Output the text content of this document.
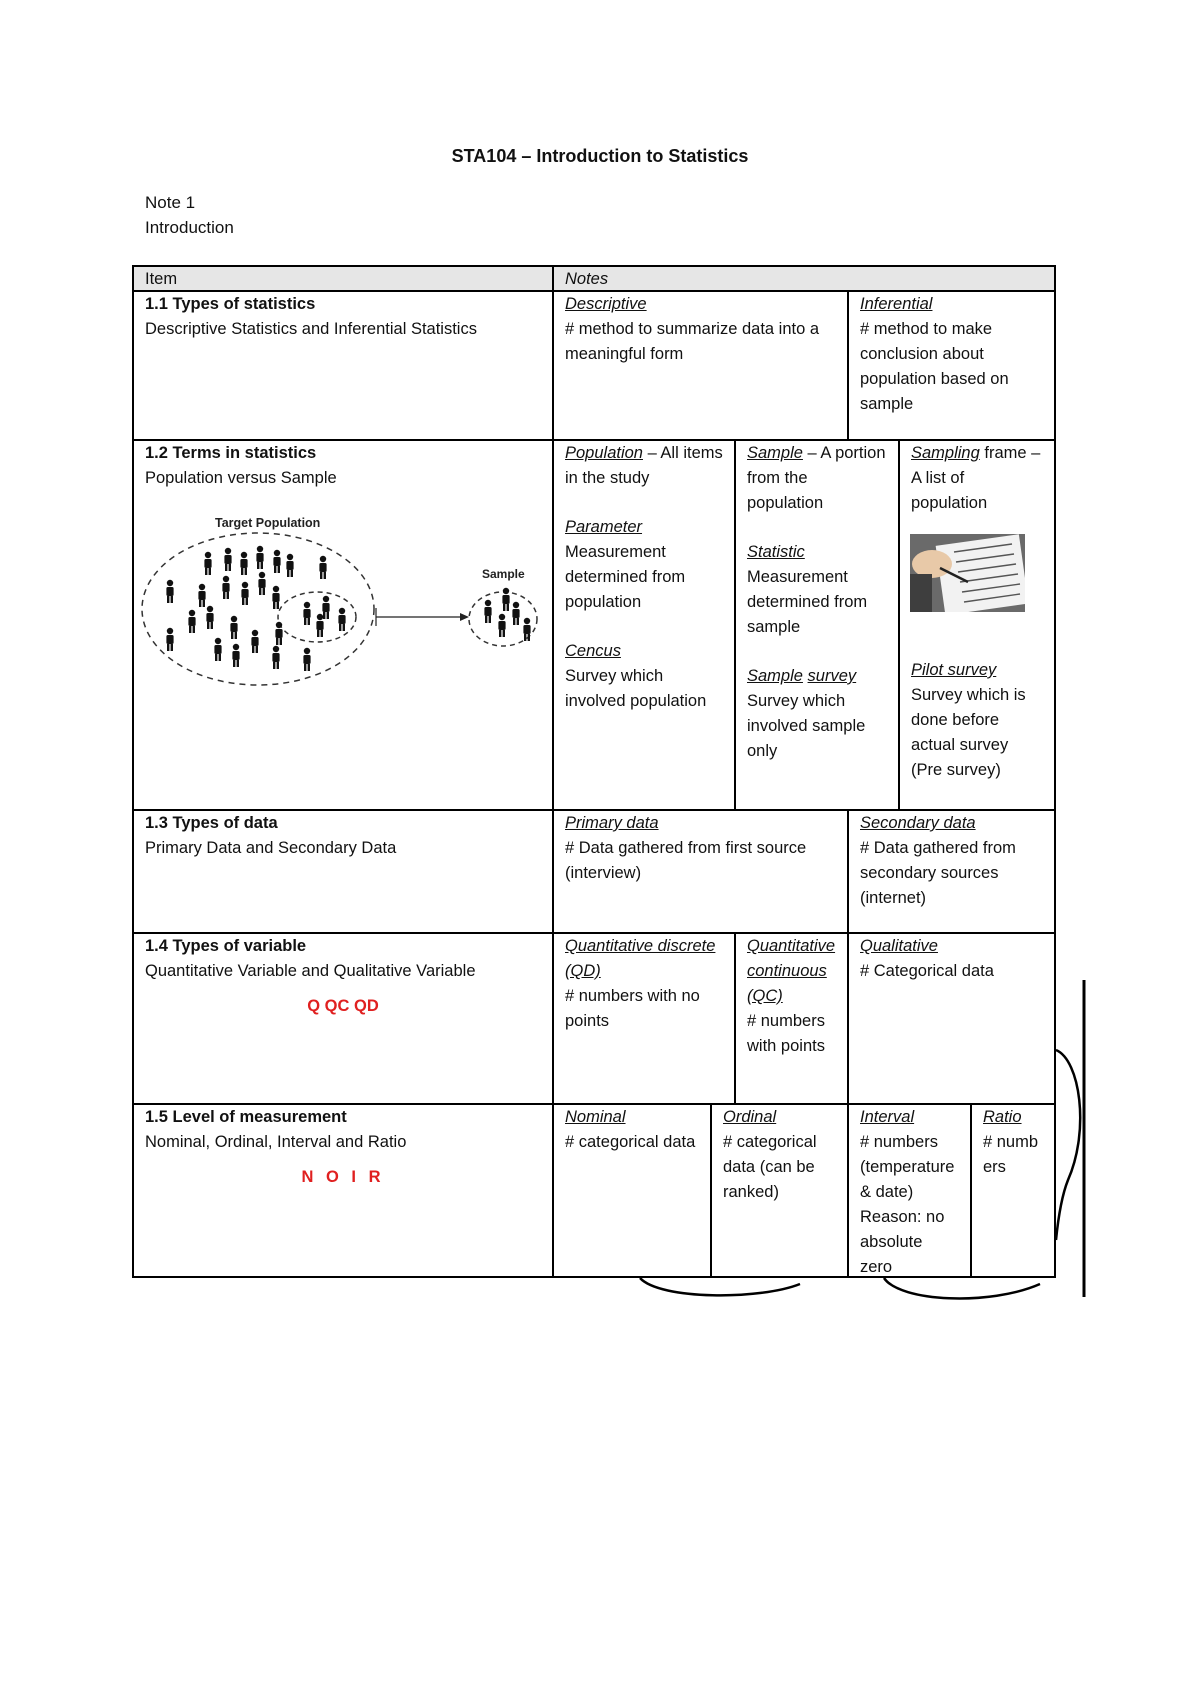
STA104 – Introduction to Statistics
Note 1
Introduction
Item	Notes
1.1 Types of statistics
Descriptive Statistics and Inferential Statistics
Descriptive
# method to summarize data into a meaningful form
Inferential
# method to make conclusion about population based on sample
1.2 Terms in statistics
Population versus Sample
Target Population
Sample
Population – All items in the study
Parameter
Measurement determined from population
Cencus
Survey which involved population
Sample – A portion from the population
Statistic
Measurement determined from sample
Sample survey
Survey which involved sample only
Sampling frame –
A list of population
Pilot survey
Survey which is done before actual survey (Pre survey)
1.3 Types of data
Primary Data and Secondary Data
Primary data
# Data gathered from first source (interview)
Secondary data
# Data gathered from secondary sources (internet)
1.4 Types of variable
Quantitative Variable and Qualitative Variable
Q QC QD
Quantitative discrete (QD)
# numbers with no points
Quantitative continuous (QC)
# numbers with points
Qualitative
# Categorical data
1.5 Level of measurement
Nominal, Ordinal, Interval and Ratio
N O I R
Nominal
# categorical data
Ordinal
# categorical data (can be ranked)
Interval
# numbers (temperature & date)
Reason: no absolute zero
Ratio
# numbers
